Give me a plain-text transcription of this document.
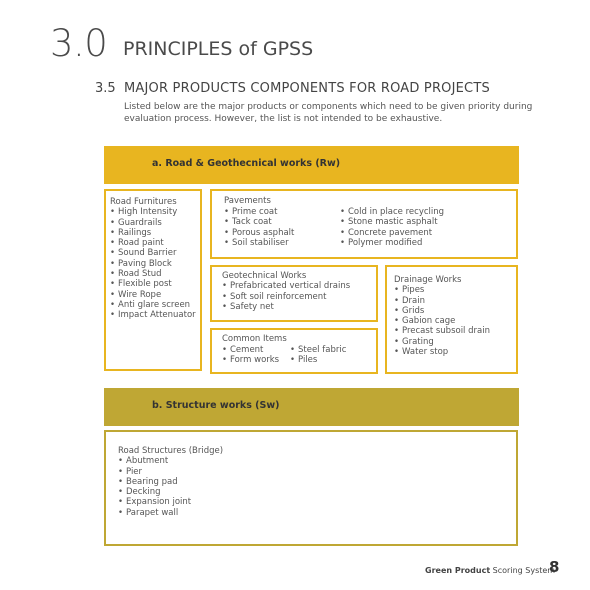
3.0 PRINCIPLES of GPSS
3.5 MAJOR PRODUCTS COMPONENTS FOR ROAD PROJECTS
Listed below are the major products or components which need to be given priority during evaluation process. However, the list is not intended to be exhaustive.
a. Road & Geothecnical works (Rw)
Road Furnitures
• High Intensity
• Guardrails
• Railings
• Road paint
• Sound Barrier
• Paving Block
• Road Stud
• Flexible post
• Wire Rope
• Anti glare screen
• Impact Attenuator
Pavements
• Prime coat
• Tack coat
• Porous asphalt
• Soil stabiliser
• Cold in place recycling
• Stone mastic asphalt
• Concrete pavement
• Polymer modified
Geotechnical Works
• Prefabricated vertical drains
• Soft soil reinforcement
• Safety net
Drainage Works
• Pipes
• Drain
• Grids
• Gabion cage
• Precast subsoil drain
• Grating
• Water stop
Common Items
• Cement
• Form works
• Steel fabric
• Piles
b. Structure works (Sw)
Road Structures (Bridge)
• Abutment
• Pier
• Bearing pad
• Decking
• Expansion joint
• Parapet wall
Green Product Scoring System
8
